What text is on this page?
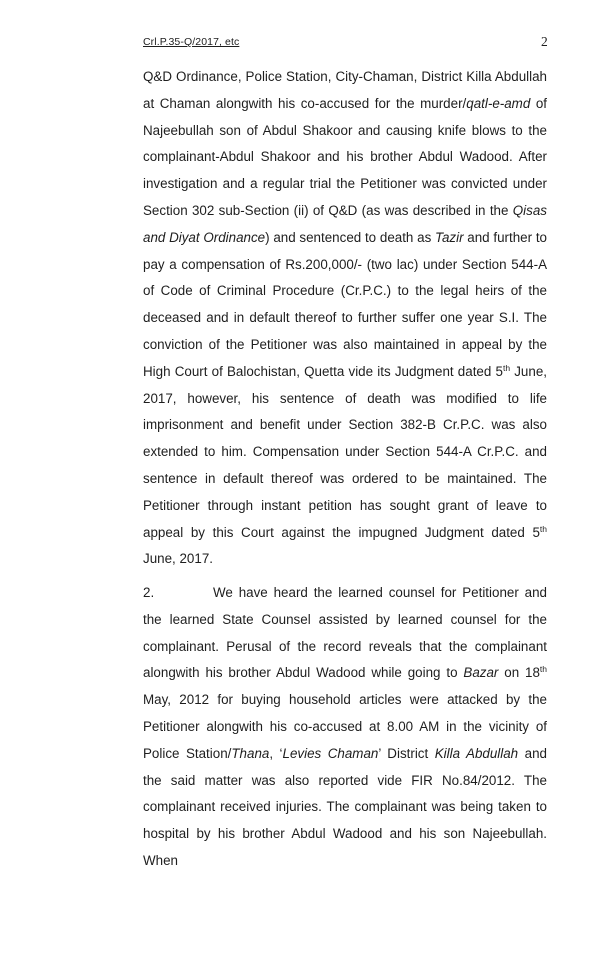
Crl.P.35-Q/2017, etc	2

Q&D Ordinance, Police Station, City-Chaman, District Killa Abdullah at Chaman alongwith his co-accused for the murder/qatl-e-amd of Najeebullah son of Abdul Shakoor and causing knife blows to the complainant-Abdul Shakoor and his brother Abdul Wadood. After investigation and a regular trial the Petitioner was convicted under Section 302 sub-Section (ii) of Q&D (as was described in the Qisas and Diyat Ordinance) and sentenced to death as Tazir and further to pay a compensation of Rs.200,000/- (two lac) under Section 544-A of Code of Criminal Procedure (Cr.P.C.) to the legal heirs of the deceased and in default thereof to further suffer one year S.I. The conviction of the Petitioner was also maintained in appeal by the High Court of Balochistan, Quetta vide its Judgment dated 5th June, 2017, however, his sentence of death was modified to life imprisonment and benefit under Section 382-B Cr.P.C. was also extended to him. Compensation under Section 544-A Cr.P.C. and sentence in default thereof was ordered to be maintained. The Petitioner through instant petition has sought grant of leave to appeal by this Court against the impugned Judgment dated 5th June, 2017.

2.	We have heard the learned counsel for Petitioner and the learned State Counsel assisted by learned counsel for the complainant. Perusal of the record reveals that the complainant alongwith his brother Abdul Wadood while going to Bazar on 18th May, 2012 for buying household articles were attacked by the Petitioner alongwith his co-accused at 8.00 AM in the vicinity of Police Station/Thana, ‘Levies Chaman’ District Killa Abdullah and the said matter was also reported vide FIR No.84/2012. The complainant received injuries. The complainant was being taken to hospital by his brother Abdul Wadood and his son Najeebullah. When
